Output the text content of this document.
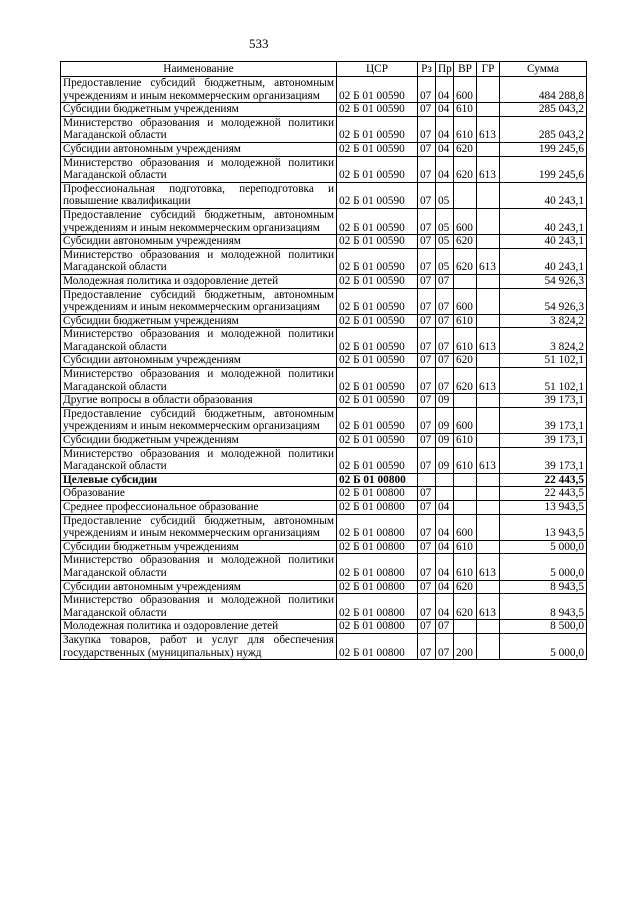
533
Наименование	ЦСР	Рз	Пр	ВР	ГР	Сумма
Предоставление субсидий бюджетным, автономным учреждениям и иным некоммерческим организациям	02 Б 01 00590	07	04	600		484 288,8
Субсидии бюджетным учреждениям	02 Б 01 00590	07	04	610		285 043,2
Министерство образования и молодежной политики Магаданской области	02 Б 01 00590	07	04	610	613	285 043,2
Субсидии автономным учреждениям	02 Б 01 00590	07	04	620		199 245,6
Министерство образования и молодежной политики Магаданской области	02 Б 01 00590	07	04	620	613	199 245,6
Профессиональная подготовка, переподготовка и повышение квалификации	02 Б 01 00590	07	05			40 243,1
Предоставление субсидий бюджетным, автономным учреждениям и иным некоммерческим организациям	02 Б 01 00590	07	05	600		40 243,1
Субсидии автономным учреждениям	02 Б 01 00590	07	05	620		40 243,1
Министерство образования и молодежной политики Магаданской области	02 Б 01 00590	07	05	620	613	40 243,1
Молодежная политика и оздоровление детей	02 Б 01 00590	07	07			54 926,3
Предоставление субсидий бюджетным, автономным учреждениям и иным некоммерческим организациям	02 Б 01 00590	07	07	600		54 926,3
Субсидии бюджетным учреждениям	02 Б 01 00590	07	07	610		3 824,2
Министерство образования и молодежной политики Магаданской области	02 Б 01 00590	07	07	610	613	3 824,2
Субсидии автономным учреждениям	02 Б 01 00590	07	07	620		51 102,1
Министерство образования и молодежной политики Магаданской области	02 Б 01 00590	07	07	620	613	51 102,1
Другие вопросы в области образования	02 Б 01 00590	07	09			39 173,1
Предоставление субсидий бюджетным, автономным учреждениям и иным некоммерческим организациям	02 Б 01 00590	07	09	600		39 173,1
Субсидии бюджетным учреждениям	02 Б 01 00590	07	09	610		39 173,1
Министерство образования и молодежной политики Магаданской области	02 Б 01 00590	07	09	610	613	39 173,1
Целевые субсидии	02 Б 01 00800					22 443,5
Образование	02 Б 01 00800	07				22 443,5
Среднее профессиональное образование	02 Б 01 00800	07	04			13 943,5
Предоставление субсидий бюджетным, автономным учреждениям и иным некоммерческим организациям	02 Б 01 00800	07	04	600		13 943,5
Субсидии бюджетным учреждениям	02 Б 01 00800	07	04	610		5 000,0
Министерство образования и молодежной политики Магаданской области	02 Б 01 00800	07	04	610	613	5 000,0
Субсидии автономным учреждениям	02 Б 01 00800	07	04	620		8 943,5
Министерство образования и молодежной политики Магаданской области	02 Б 01 00800	07	04	620	613	8 943,5
Молодежная политика и оздоровление детей	02 Б 01 00800	07	07			8 500,0
Закупка товаров, работ и услуг для обеспечения государственных (муниципальных) нужд	02 Б 01 00800	07	07	200		5 000,0
